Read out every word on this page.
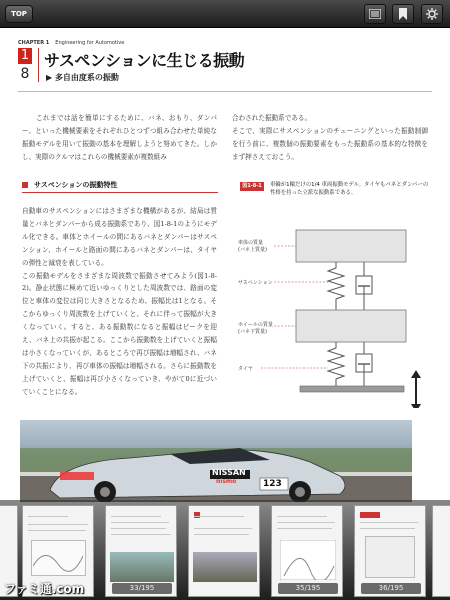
TOP
CHAPTER 1 Engineering for Automotive
1
8
サスペンションに生じる振動
▶ 多自由度系の振動
これまでは話を簡単にするために、バネ、おもり、ダンパー、といった機械要素をそれぞれひとつずつ組み合わせた単純な振動モデルを用いて振動の基本を理解しようと努めてきた。しかし、実際のクルマはこれらの機械要素が複数組み
合わされた振動系である。
そこで、実際にサスペンションのチューニングといった振動制御を行う前に、複数個の振動要素をもった振動系の基本的な特徴をまず押さえておこう。
サスペンションの振動特性
自動車のサスペンションにはさまざまな機構があるが、結局は質量とバネとダンパーから成る振動系であり、図1-8-1のようにモデル化できる。車体とホイールの間にあるバネとダンパーはサスペンション、ホイールと路面の間にあるバネとダンパーは、タイヤの弾性と減衰を表している。
この振動モデルをさまざまな周波数で振動させてみよう(図1-8-2)。静止状態に極めて近いゆっくりとした周波数では、路面の変位と車体の変位は同じ大きさとなるため、振幅比は1となる。そこからゆっくり周波数を上げていくと、それに伴って振幅が大きくなっていく。すると、ある振動数になると振幅はピークを迎え、バネ上の共振が起こる。ここから振動数を上げていくと振幅は小さくなっていくが、あるところで再び振幅は増幅され、バネ下の共振により、再び車体の振幅は増幅される。さらに振動数を上げていくと、振幅は再び小さくなっていき、やがて0に近づいていくことになる。
図1-8-1	車輪が1輪だけの1/4 車両振動モデル。タイヤもバネとダンパーの性格を持った立派な振動系である。
車体の質量
(バネ上質量)
サスペンション
ホイールの質量
(バネ下質量)
タイヤ
NISSAN
nismo	123
33/195	35/195	36/195
ファミ通.com
